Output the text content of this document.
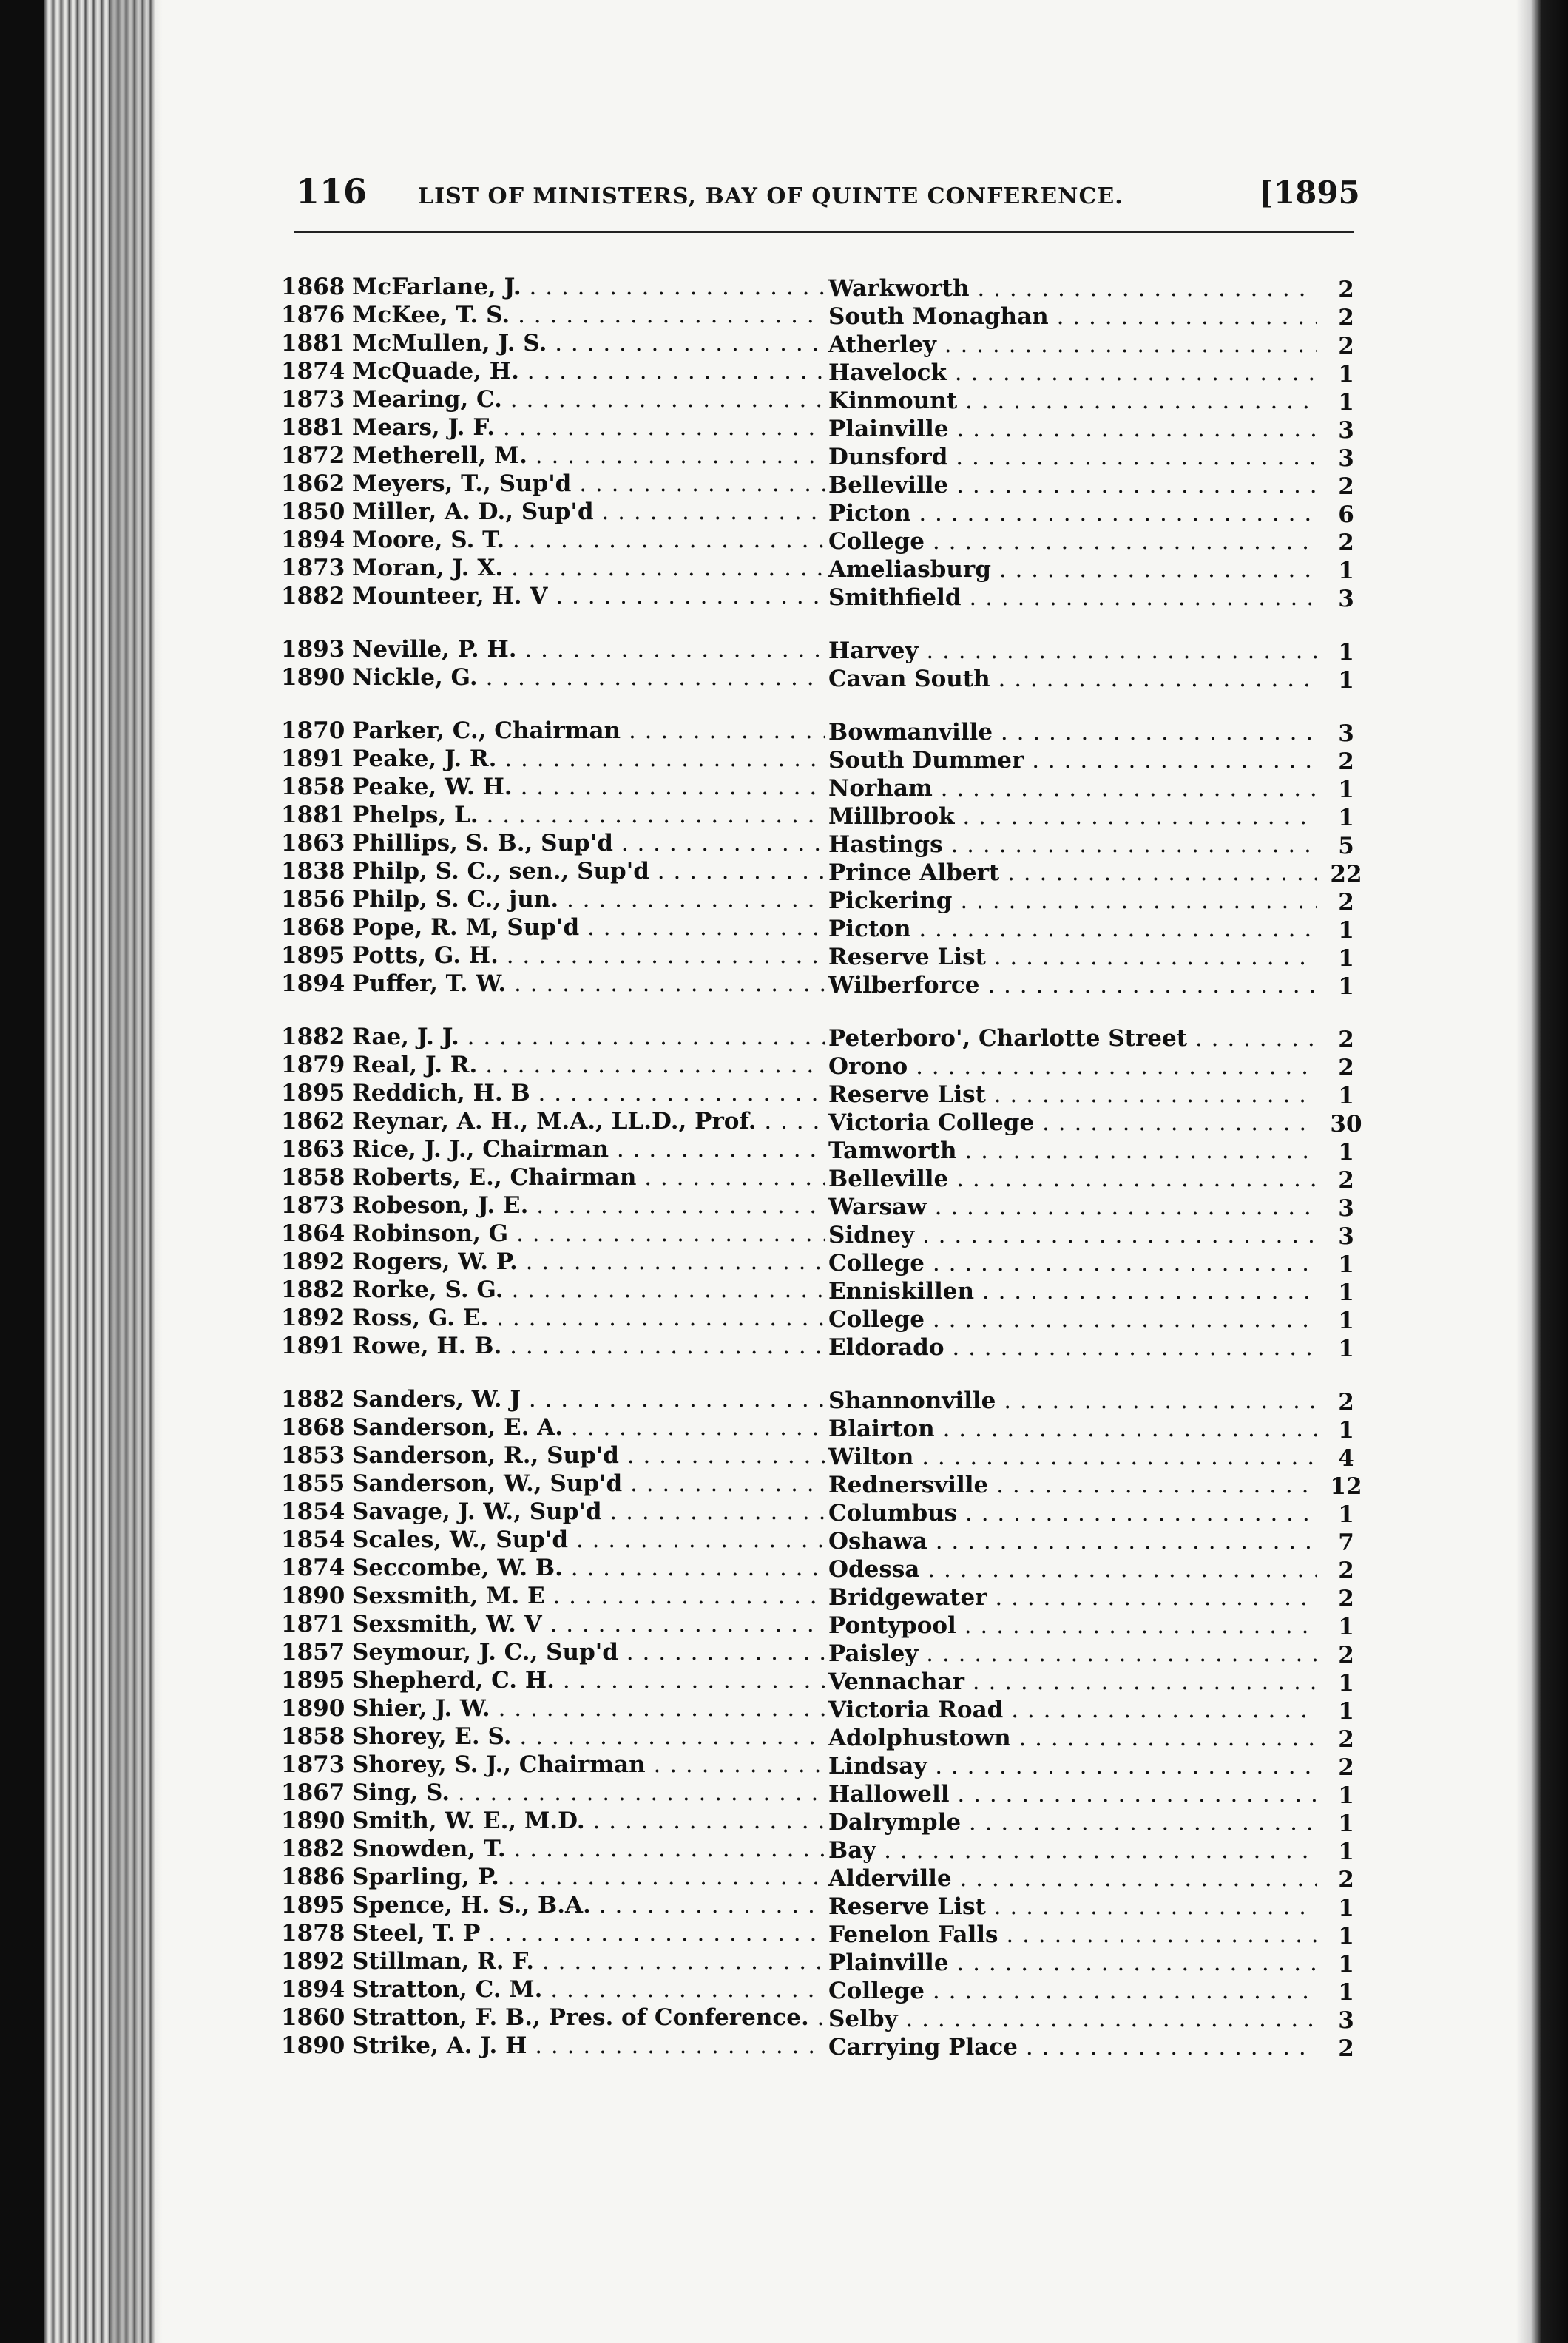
116 LIST OF MINISTERS, BAY OF QUINTE CONFERENCE.	[1895
1868 McFarlane, J. . . .	Warkworth . . .	2
1876 McKee, T. S. . . .	South Monaghan . . .	2
1881 McMullen, J. S. . . .	Atherley . . .	2
1874 McQuade, H. . . .	Havelock . . .	1
1873 Mearing, C. . . .	Kinmount . . .	1
1881 Mears, J. F. . . .	Plainville . . .	3
1872 Metherell, M. . . .	Dunsford . . .	3
1862 Meyers, T., Sup'd . . .	Belleville . . .	2
1850 Miller, A. D., Sup'd . . .	Picton . . .	6
1894 Moore, S. T. . . .	College . . .	2
1873 Moran, J. X. . . .	Ameliasburg . . .	1
1882 Mounteer, H. V . . .	Smithfield . . .	3
1893 Neville, P. H. . . .	Harvey . . .	1
1890 Nickle, G. . . .	Cavan South . . .	1
1870 Parker, C., Chairman . . .	Bowmanville . . .	3
1891 Peake, J. R. . . .	South Dummer . . .	2
1858 Peake, W. H. . . .	Norham . . .	1
1881 Phelps, L. . . .	Millbrook . . .	1
1863 Phillips, S. B., Sup'd . . .	Hastings . . .	5
1838 Philp, S. C., sen., Sup'd . . .	Prince Albert . . .	22
1856 Philp, S. C., jun. . . .	Pickering . . .	2
1868 Pope, R. M, Sup'd . . .	Picton . . .	1
1895 Potts, G. H. . . .	Reserve List . . .	1
1894 Puffer, T. W. . . .	Wilberforce . . .	1
1882 Rae, J. J. . . .	Peterboro', Charlotte Street . . .	2
1879 Real, J. R. . . .	Orono . . .	2
1895 Reddich, H. B . . .	Reserve List . . .	1
1862 Reynar, A. H., M.A., LL.D., Prof. . . .	Victoria College . . .	30
1863 Rice, J. J., Chairman . . .	Tamworth . . .	1
1858 Roberts, E., Chairman . . .	Belleville . . .	2
1873 Robeson, J. E. . . .	Warsaw . . .	3
1864 Robinson, G . . .	Sidney . . .	3
1892 Rogers, W. P. . . .	College . . .	1
1882 Rorke, S. G. . . .	Enniskillen . . .	1
1892 Ross, G. E. . . .	College . . .	1
1891 Rowe, H. B. . . .	Eldorado . . .	1
1882 Sanders, W. J . . .	Shannonville . . .	2
1868 Sanderson, E. A. . . .	Blairton . . .	1
1853 Sanderson, R., Sup'd . . .	Wilton . . .	4
1855 Sanderson, W., Sup'd . . .	Rednersville . . .	12
1854 Savage, J. W., Sup'd . . .	Columbus . . .	1
1854 Scales, W., Sup'd . . .	Oshawa . . .	7
1874 Seccombe, W. B. . . .	Odessa . . .	2
1890 Sexsmith, M. E . . .	Bridgewater . . .	2
1871 Sexsmith, W. V . . .	Pontypool . . .	1
1857 Seymour, J. C., Sup'd . . .	Paisley . . .	2
1895 Shepherd, C. H. . . .	Vennachar . . .	1
1890 Shier, J. W. . . .	Victoria Road . . .	1
1858 Shorey, E. S. . . .	Adolphustown . . .	2
1873 Shorey, S. J., Chairman . . .	Lindsay . . .	2
1867 Sing, S. . . .	Hallowell . . .	1
1890 Smith, W. E., M.D. . . .	Dalrymple . . .	1
1882 Snowden, T. . . .	Bay . . .	1
1886 Sparling, P. . . .	Alderville . . .	2
1895 Spence, H. S., B.A. . . .	Reserve List . . .	1
1878 Steel, T. P . . .	Fenelon Falls . . .	1
1892 Stillman, R. F. . . .	Plainville . . .	1
1894 Stratton, C. M. . . .	College . . .	1
1860 Stratton, F. B., Pres. of Conference. . . . Selby . . .	3
1890 Strike, A. J. H . . .	Carrying Place . . .	2
